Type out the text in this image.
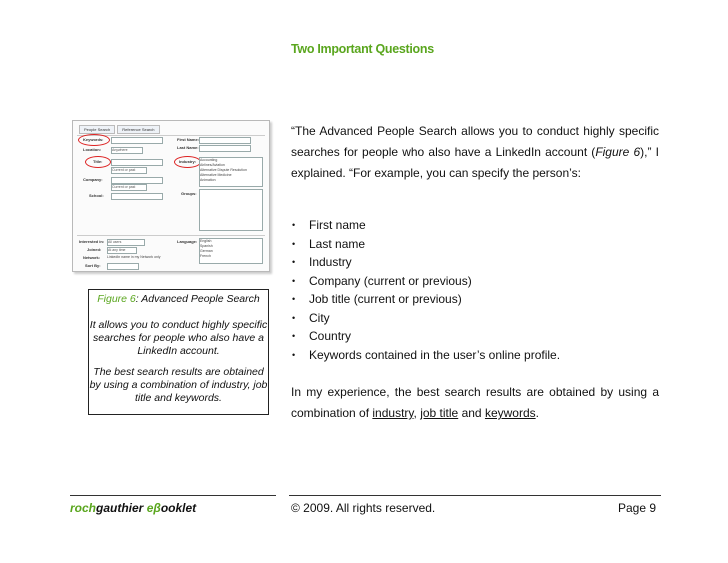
Two Important Questions
People Search	Reference Search
Keywords:
Location:	Anywhere
Title:
Current or past
Company:
Current or past
School:
First Name:
Last Name:
Industry: Accounting
Airlines/Aviation
Alternative Dispute Resolution
Alternative Medicine
Animation
Groups:
Interested in: All users
Joined: At any time
Network: LinkedIn name in my Network only
Sort By:
Language: English
Spanish
German
French
Figure 6: Advanced People Search

It allows you to conduct highly specific searches for people who also have a LinkedIn account.

The best search results are obtained by using a combination of industry, job title and keywords.

“The Advanced People Search allows you to conduct highly specific searches for people who also have a LinkedIn account (Figure 6),” I explained. “For example, you can specify the person’s:
• First name
• Last name
• Industry
• Company (current or previous)
• Job title (current or previous)
• City
• Country
• Keywords contained in the user’s online profile.
In my experience, the best search results are obtained by using a combination of industry, job title and keywords.
rochgauthier eβooklet	© 2009. All rights reserved.	Page 9
